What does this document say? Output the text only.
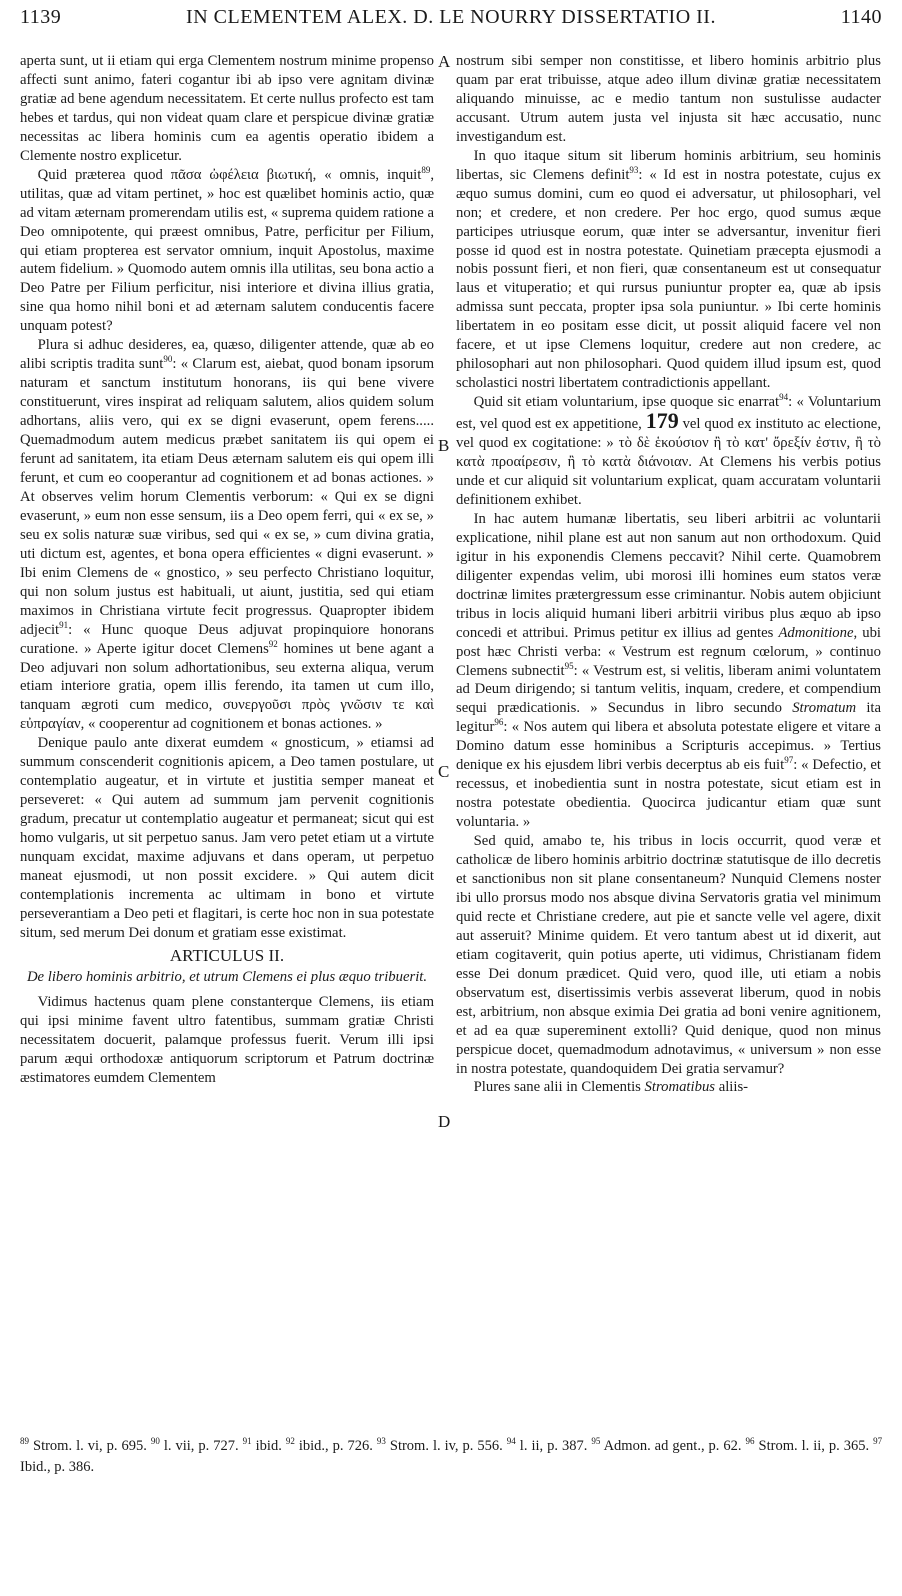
1139	IN CLEMENTEM ALEX. D. LE NOURRY DISSERTATIO II.	1140
A
B
C
D

aperta sunt, ut ii etiam qui erga Clementem nostrum minime propenso affecti sunt animo, fateri cogantur ibi ab ipso vere agnitam divinæ gratiæ ad bene agendum necessitatem. Et certe nullus profecto est tam hebes et tardus, qui non videat quam clare et perspicue divinæ gratiæ necessitas ac libera hominis cum ea agentis operatio ibidem a Clemente nostro explicetur.

Quid præterea quod πᾶσα ὠφέλεια βιωτική, « omnis, inquit$^{89}$, utilitas, quæ ad vitam pertinet, » hoc est quælibet hominis actio, quæ ad vitam æternam promerendam utilis est, « suprema quidem ratione a Deo omnipotente, qui præest omnibus, Patre, perficitur per Filium, qui etiam propterea est servator omnium, inquit Apostolus, maxime autem fidelium. » Quomodo autem omnis illa utilitas, seu bona actio a Deo Patre per Filium perficitur, nisi interiore et divina illius gratia, sine qua homo nihil boni et ad æternam salutem conducentis facere unquam potest?

Plura si adhuc desideres, ea, quæso, diligenter attende, quæ ab eo alibi scriptis tradita sunt$^{90}$: « Clarum est, aiebat, quod bonam ipsorum naturam et sanctum institutum honorans, iis qui bene vivere constituerunt, vires inspirat ad reliquam salutem, alios quidem solum adhortans, aliis vero, qui ex se digni evaserunt, opem ferens..... Quemadmodum autem medicus præbet sanitatem iis qui opem ei ferunt ad sanitatem, ita etiam Deus æternam salutem eis qui opem illi ferunt, et cum eo cooperantur ad cognitionem et ad bonas actiones. » At observes velim horum Clementis verborum: « Qui ex se digni evaserunt, » eum non esse sensum, iis a Deo opem ferri, qui « ex se, » seu ex solis naturæ suæ viribus, sed qui « ex se, » cum divina gratia, uti dictum est, agentes, et bona opera efficientes « digni evaserunt. » Ibi enim Clemens de « gnostico, » seu perfecto Christiano loquitur, qui non solum justus est habituali, ut aiunt, justitia, sed qui etiam maximos in Christiana virtute fecit progressus. Quapropter ibidem adjecit$^{91}$: « Hunc quoque Deus adjuvat propinquiore honorans curatione. » Aperte igitur docet Clemens$^{92}$ homines ut bene agant a Deo adjuvari non solum adhortationibus, seu externa aliqua, verum etiam interiore gratia, opem illis ferendo, ita tamen ut cum illo, tanquam ægroti cum medico, συνεργοῦσι πρὸς γνῶσιν τε καὶ εὐπραγίαν, « cooperentur ad cognitionem et bonas actiones. »

Denique paulo ante dixerat eumdem « gnosticum, » etiamsi ad summum conscenderit cognitionis apicem, a Deo tamen postulare, ut contemplatio augeatur, et in virtute et justitia semper maneat et perseveret: « Qui autem ad summum jam pervenit cognitionis gradum, precatur ut contemplatio augeatur et permaneat; sicut qui est homo vulgaris, ut sit perpetuo sanus. Jam vero petet etiam ut a virtute nunquam excidat, maxime adjuvans et dans operam, ut perpetuo maneat ejusmodi, ut non possit excidere. » Qui autem dicit contemplationis incrementa ac ultimam in bono et virtute perseverantiam a Deo peti et flagitari, is certe hoc non in sua potestate situm, sed merum Dei donum et gratiam esse existimat.

ARTICULUS II.

De libero hominis arbitrio, et utrum Clemens ei plus æquo tribuerit.

Vidimus hactenus quam plene constanterque Clemens, iis etiam qui ipsi minime favent ultro fatentibus, summam gratiæ Christi necessitatem docuerit, palamque professus fuerit. Verum illi ipsi parum æqui orthodoxæ antiquorum scriptorum et Patrum doctrinæ æstimatores eumdem Clementem

nostrum sibi semper non constitisse, et libero hominis arbitrio plus quam par erat tribuisse, atque adeo illum divinæ gratiæ necessitatem aliquando minuisse, ac e medio tantum non sustulisse audacter accusant. Utrum autem justa vel injusta sit hæc accusatio, nunc investigandum est.

In quo itaque situm sit liberum hominis arbitrium, seu hominis libertas, sic Clemens definit$^{93}$: « Id est in nostra potestate, cujus ex æquo sumus domini, cum eo quod ei adversatur, ut philosophari, vel non; et credere, et non credere. Per hoc ergo, quod sumus æque participes utriusque eorum, quæ inter se adversantur, invenitur fieri posse id quod est in nostra potestate. Quinetiam præcepta ejusmodi a nobis possunt fieri, et non fieri, quæ consentaneum est ut consequatur laus et vituperatio; et qui rursus puniuntur propter ea, quæ ab ipsis admissa sunt peccata, propter ipsa sola puniuntur. » Ibi certe hominis libertatem in eo positam esse dicit, ut possit aliquid facere vel non facere, et ut ipse Clemens loquitur, credere aut non credere, ac philosophari aut non philosophari. Quod quidem illud ipsum est, quod scholastici nostri libertatem contradictionis appellant.

Quid sit etiam voluntarium, ipse quoque sic enarrat$^{94}$: « Voluntarium est, vel quod est ex appetitione, 179 vel quod ex instituto ac electione, vel quod ex cogitatione: » τὸ δὲ ἑκούσιον ἢ τὸ κατ' ὄρεξίν ἐστιν, ἢ τὸ κατὰ προαίρεσιν, ἢ τὸ κατὰ διάνοιαν. At Clemens his verbis potius unde et cur aliquid sit voluntarium explicat, quam accuratam voluntarii definitionem exhibet.

In hac autem humanæ libertatis, seu liberi arbitrii ac voluntarii explicatione, nihil plane est aut non sanum aut non orthodoxum. Quid igitur in his exponendis Clemens peccavit? Nihil certe. Quamobrem diligenter expendas velim, ubi morosi illi homines eum statos veræ doctrinæ limites prætergressum esse criminantur. Nobis autem objiciunt tribus in locis aliquid humani liberi arbitrii viribus plus æquo ab ipso concedi et attribui. Primus petitur ex illius ad gentes Admonitione, ubi post hæc Christi verba: « Vestrum est regnum cœlorum, » continuo Clemens subnectit$^{95}$: « Vestrum est, si velitis, liberam animi voluntatem ad Deum dirigendo; si tantum velitis, inquam, credere, et compendium sequi prædicationis. » Secundus in libro secundo Stromatum ita legitur$^{96}$: « Nos autem qui libera et absoluta potestate eligere et vitare a Domino datum esse hominibus a Scripturis accepimus. » Tertius denique ex his ejusdem libri verbis decerptus ab eis fuit$^{97}$: « Defectio, et recessus, et inobedientia sunt in nostra potestate, sicut etiam est in nostra potestate obedientia. Quocirca judicantur etiam quæ sunt voluntaria. »

Sed quid, amabo te, his tribus in locis occurrit, quod veræ et catholicæ de libero hominis arbitrio doctrinæ statutisque de illo decretis et sanctionibus non sit plane consentaneum? Nunquid Clemens noster ibi ullo prorsus modo nos absque divina Servatoris gratia vel minimum quid recte et Christiane credere, aut pie et sancte velle vel agere, dixit aut asseruit? Minime quidem. Et vero tantum abest ut id dixerit, aut etiam cogitaverit, quin potius aperte, uti vidimus, Christianam fidem esse Dei donum prædicet. Quid vero, quod ille, uti etiam a nobis observatum est, disertissimis verbis asseverat liberum, quod in nobis est, arbitrium, non absque eximia Dei gratia ad boni venire agnitionem, et ad ea quæ supereminent extolli? Quid denique, quod non minus perspicue docet, quemadmodum adnotavimus, « universum » non esse in nostra potestate, quandoquidem Dei gratia servamur?

Plures sane alii in Clementis Stromatibus aliis-

$^{89}$ Strom. l. vi, p. 695. $^{90}$ l. vii, p. 727. $^{91}$ ibid. $^{92}$ ibid., p. 726. $^{93}$ Strom. l. iv, p. 556. $^{94}$ l. ii, p. 387. $^{95}$ Admon. ad gent., p. 62. $^{96}$ Strom. l. ii, p. 365. $^{97}$ Ibid., p. 386.
